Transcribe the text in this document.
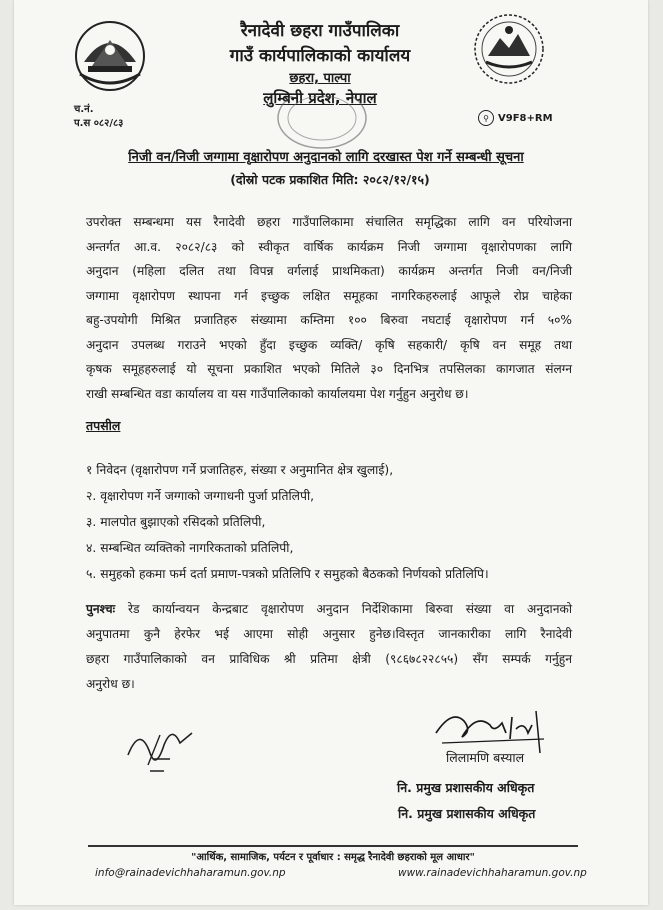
रैनादेवी छहरा गाउँपालिका
गाउँ कार्यपालिकाको कार्यालय
छहरा, पाल्पा
लुम्बिनी प्रदेश, नेपाल
च.नं.
प.स ०८२/८३	⚲ V9F8+RM
निजी वन/निजी जग्गामा वृक्षारोपण अनुदानको लागि दरखास्त पेश गर्ने सम्बन्धी सूचना
(दोस्रो पटक प्रकाशित मिति: २०८२/१२/१५)
उपरोक्त सम्बन्धमा यस रैनादेवी छहरा गाउँपालिकामा संचालित समृद्धिका लागि वन परियोजना
अन्तर्गत आ.व. २०८२/८३ को स्वीकृत वार्षिक कार्यक्रम निजी जग्गामा वृक्षारोपणका लागि
अनुदान (महिला दलित तथा विपन्न वर्गलाई प्राथमिकता) कार्यक्रम अन्तर्गत निजी वन/निजी
जग्गामा वृक्षारोपण स्थापना गर्न इच्छुक लक्षित समूहका नागरिकहरुलाई आफूले रोप्न चाहेका
बहु-उपयोगी मिश्रित प्रजातिहरु संख्यामा कम्तिमा १०० बिरुवा नघटाई वृक्षारोपण गर्न ५०%
अनुदान उपलब्ध गराउने भएको हुँदा इच्छुक व्यक्ति/ कृषि सहकारी/ कृषि वन समूह तथा
कृषक समूहहरुलाई यो सूचना प्रकाशित भएको मितिले ३० दिनभित्र तपसिलका कागजात संलग्न
राखी सम्बन्धित वडा कार्यालय वा यस गाउँपालिकाको कार्यालयमा पेश गर्नुहुन अनुरोध छ।
तपसील
१ निवेदन (वृक्षारोपण गर्ने प्रजातिहरु, संख्या र अनुमानित क्षेत्र खुलाई),
२. वृक्षारोपण गर्ने जग्गाको जग्गाधनी पुर्जा प्रतिलिपी,
३. मालपोत बुझाएको रसिदको प्रतिलिपी,
४. सम्बन्धित व्यक्तिको नागरिकताको प्रतिलिपी,
५. समुहको हकमा फर्म दर्ता प्रमाण-पत्रको प्रतिलिपि र समुहको बैठकको निर्णयको प्रतिलिपि।
पुनश्चः रेड कार्यान्वयन केन्द्रबाट वृक्षारोपण अनुदान निर्देशिकामा बिरुवा संख्या वा अनुदानको
अनुपातमा कुनै हेरफेर भई आएमा सोही अनुसार हुनेछ।विस्तृत जानकारीका लागि रैनादेवी
छहरा गाउँपालिकाको वन प्राविधिक श्री प्रतिमा क्षेत्री (९८६७८२२८५५) सँग सम्पर्क गर्नुहुन
अनुरोध छ।
लिलामणि बस्याल
नि. प्रमुख प्रशासकीय अधिकृत
नि. प्रमुख प्रशासकीय अधिकृत
"आर्थिक, सामाजिक, पर्यटन र पूर्वाधार : समृद्ध रैनादेवी छहराको मूल आधार"
info@rainadevichhaharamun.gov.np	www.rainadevichhaharamun.gov.np
